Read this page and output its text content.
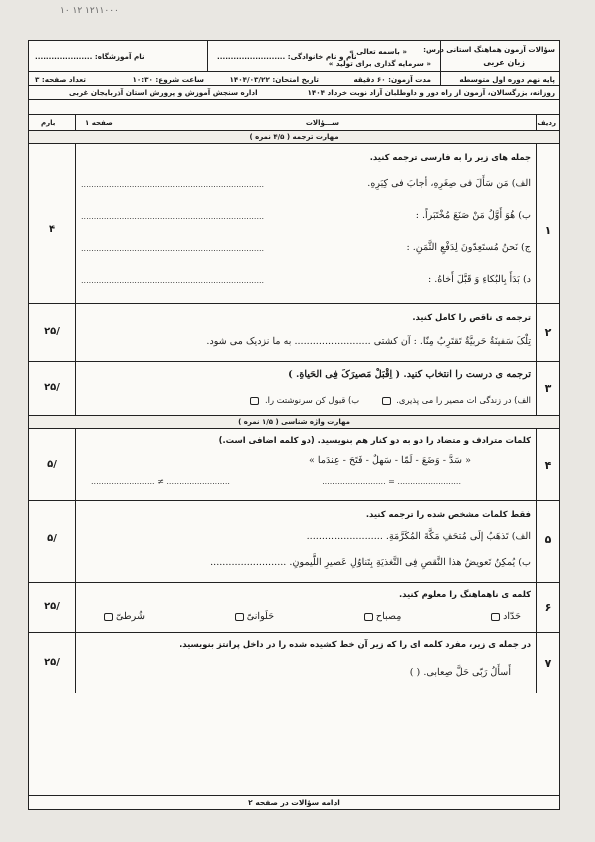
۱۰ ۱۲ ۱۲۱۱۰۰۰
سؤالات آزمون هماهنگ استانی درس:
زبان عربی
« باسمه تعالی »
« سرمایه گذاری برای تولید »
نام و نام خانوادگی: .........................
نام آموزشگاه: .....................
پایه نهم دوره اول متوسطه
مدت آزمون: ۶۰ دقیقه
تاریخ امتحان: ۱۴۰۴/۰۳/۲۲
ساعت شروع: ۱۰:۳۰
تعداد صفحه: ۳
روزانه، بزرگسالان، آزمون از راه دور و داوطلبان آزاد نوبت خرداد ۱۴۰۴
اداره سنجش آموزش و پرورش استان آذربایجان غربی
ردیف
ســـؤالات
صفحه ۱
بارم
مهارت ترجمه ( ۴/۵ نمره )
۱
۴
جمله های زیر را به فارسی ترجمه کنید.
الف) مَن سَأَلَ فی صِغَرِهِ، أجابَ فی کِبَرِهِ.
........................................................................
ب) هُوَ أَوَّلُ مَنْ صَنَعَ مُخْتَبَراً. :
........................................................................
ج) نَحنُ مُستَعِدّونَ لِدَفْعِ الثَّمَنِ. :
........................................................................
د) بَدَأَ بِالبُکاءِ وَ قَبَّلَ أَخاهُ. :
........................................................................
۲
/۲۵
ترجمه ی ناقص را کامل کنید.
تِلْکَ سَفینَةٌ حَربیَّةٌ تَقتَرِبُ مِنّا. : آن کشتی ......................... به ما نزدیک می شود.
۳
/۲۵
ترجمه ی درست را انتخاب کنید. ( اِقْبَلْ مَصیرَکَ فِی الحَیاةِ. )
الف) در زندگی ات مصیر را می پذیری.   ب) قبول کن سرنوشتت را.
مهارت واژه شناسی ( ۱/۵ نمره )
۴
/۵
کلمات مترادف و متضاد را دو به دو کنار هم بنویسید. (دو کلمه اضافی است.)
« سَدَّ - وَضَعَ - لَمّا - سَهلٌ - فَتَحَ - عِندَما »
......................... = .........................
......................... ≠ .........................
۵
/۵
فقط کلمات مشخص شده را ترجمه کنید.
الف) تَذهَبُ إلَی مُتحَفِ مَکَّةَ المُکَرَّمَةِ. .........................
ب) یُمکِنُ تَعویضُ هذا النَّقصِ فِی التَّغذیَةِ بِتَناوُلِ عَصیرِ اللَّیمونِ. .........................
۶
/۲۵
کلمه ی ناهماهنگ را معلوم کنید.
حَدّاد
مِصباح
حَلَوانیّ
شُرطیّ
۷
/۲۵
در جمله ی زیر، مفرد کلمه ای را که زیر آن خط کشیده شده را در داخل پرانتز بنویسید.
أَسأَلُ رَبّی حَلَّ صِعابی. ( )
ادامه سؤالات در صفحه ۲
